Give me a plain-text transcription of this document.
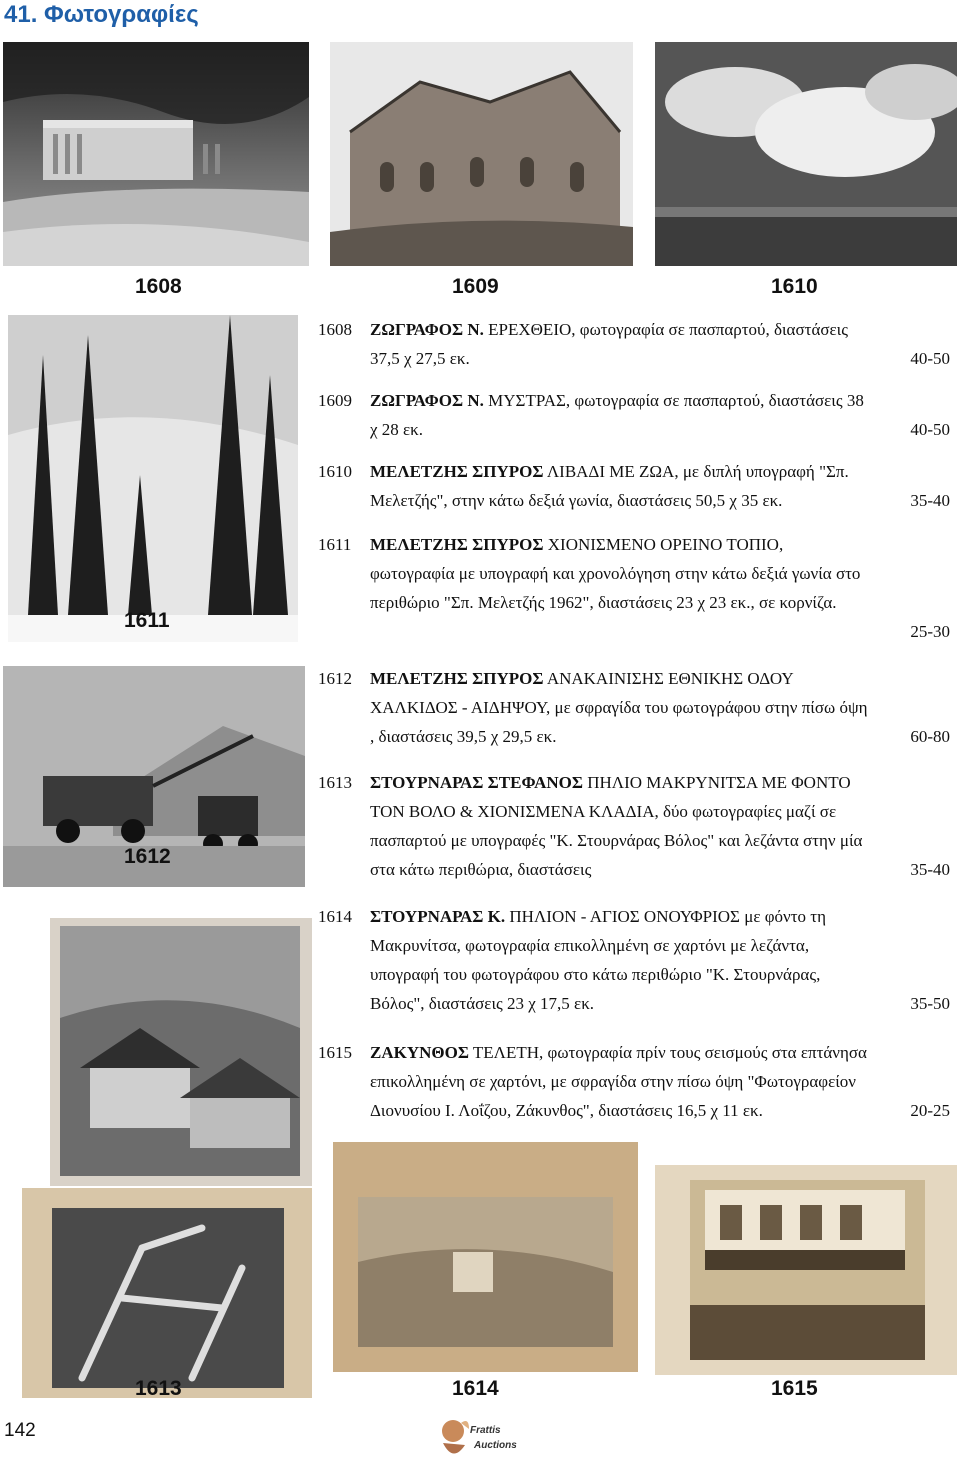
41. Φωτογραφίες
1608	1609	1610
1611
1612
1613	1614	1615
1608	ΖΩΓΡΑΦΟΣ Ν. ΕΡΕΧΘΕΙΟ, φωτογραφία σε πασπαρτού, διαστάσεις
37,5 χ 27,5 εκ.	40-50
1609	ΖΩΓΡΑΦΟΣ Ν. ΜΥΣΤΡΑΣ, φωτογραφία σε πασπαρτού, διαστάσεις 38
χ 28 εκ.	40-50
1610	ΜΕΛΕΤΖΗΣ ΣΠΥΡΟΣ ΛΙΒΑΔΙ ΜΕ ΖΩΑ, με διπλή υπογραφή "Σπ.
Μελετζής", στην κάτω δεξιά γωνία, διαστάσεις 50,5 χ 35 εκ.	35-40
1611	ΜΕΛΕΤΖΗΣ ΣΠΥΡΟΣ ΧΙΟΝΙΣΜΕΝΟ ΟΡΕΙΝΟ ΤΟΠΙΟ,
φωτογραφία με υπογραφή και χρονολόγηση στην κάτω δεξιά γωνία στο
περιθώριο "Σπ. Μελετζής 1962", διαστάσεις 23 χ 23 εκ., σε κορνίζα.
25-30
1612	ΜΕΛΕΤΖΗΣ ΣΠΥΡΟΣ ΑΝΑΚΑΙΝΙΣΗΣ ΕΘΝΙΚΗΣ ΟΔΟΥ
ΧΑΛΚΙΔΟΣ - ΑΙΔΗΨΟΥ, με σφραγίδα του φωτογράφου στην πίσω όψη
, διαστάσεις 39,5 χ 29,5 εκ.	60-80
1613	ΣΤΟΥΡΝΑΡΑΣ ΣΤΕΦΑΝΟΣ ΠΗΛΙΟ ΜΑΚΡΥΝΙΤΣΑ ΜΕ ΦΟΝΤΟ
ΤΟΝ ΒΟΛΟ & ΧΙΟΝΙΣΜΕΝΑ ΚΛΑΔΙΑ, δύο φωτογραφίες μαζί σε
πασπαρτού με υπογραφές "Κ. Στουρνάρας Βόλος" και λεζάντα στην μία
στα κάτω περιθώρια, διαστάσεις	35-40
1614	ΣΤΟΥΡΝΑΡΑΣ Κ. ΠΗΛΙΟΝ - ΑΓΙΟΣ ΟΝΟΥΦΡΙΟΣ με φόντο τη
Μακρυνίτσα, φωτογραφία επικολλημένη σε χαρτόνι με λεζάντα,
υπογραφή του φωτογράφου στο κάτω περιθώριο "Κ. Στουρνάρας,
Βόλος", διαστάσεις 23 χ 17,5 εκ.	35-50
1615	ΖΑΚΥΝΘΟΣ ΤΕΛΕΤΗ, φωτογραφία πρίν τους σεισμούς στα επτάνησα
επικολλημένη σε χαρτόνι, με σφραγίδα στην πίσω όψη "Φωτογραφείον
Διονυσίου Ι. Λοΐζου, Ζάκυνθος", διαστάσεις 16,5 χ 11 εκ.	20-25
142	Frattis
Auctions
